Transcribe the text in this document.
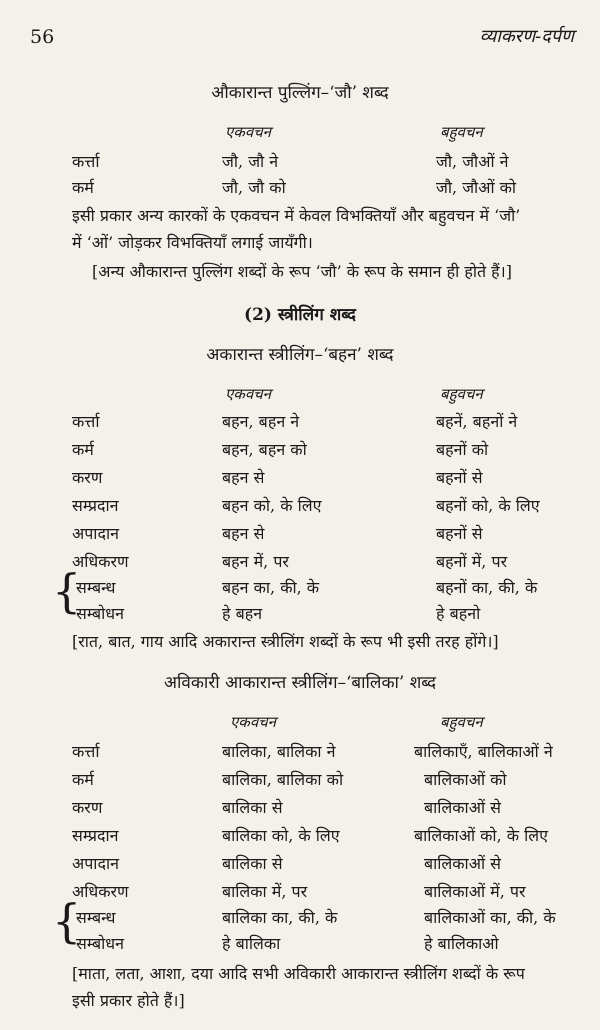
56	व्याकरण-दर्पण
औकारान्त पुल्लिंग–‘जौ’ शब्द
एकवचन	बहुवचन
कर्त्ता	जौ, जौ ने	जौ, जौओं ने
कर्म	जौ, जौ को	जौ, जौओं को
इसी प्रकार अन्य कारकों के एकवचन में केवल विभक्तियाँ और बहुवचन में ‘जौ’
में ‘ओं’ जोड़कर विभक्तियाँ लगाई जायँगी।
[अन्य औकारान्त पुल्लिंग शब्दों के रूप ‘जौ’ के रूप के समान ही होते हैं।]
(2) स्त्रीलिंग शब्द
अकारान्त स्त्रीलिंग–‘बहन’ शब्द
एकवचन	बहुवचन
कर्त्ता	बहन, बहन ने	बहनें, बहनों ने
कर्म	बहन, बहन को	बहनों को
करण	बहन से	बहनों से
सम्प्रदान	बहन को, के लिए	बहनों को, के लिए
अपादान	बहन से	बहनों से
अधिकरण	बहन में, पर	बहनों में, पर
{
सम्बन्ध	बहन का, की, के	बहनों का, की, के
सम्बोधन	हे बहन	हे बहनो
[रात, बात, गाय आदि अकारान्त स्त्रीलिंग शब्दों के रूप भी इसी तरह होंगे।]
अविकारी आकारान्त स्त्रीलिंग–‘बालिका’ शब्द
एकवचन	बहुवचन
कर्त्ता	बालिका, बालिका ने	बालिकाएँ, बालिकाओं ने
कर्म	बालिका, बालिका को	बालिकाओं को
करण	बालिका से	बालिकाओं से
सम्प्रदान	बालिका को, के लिए	बालिकाओं को, के लिए
अपादान	बालिका से	बालिकाओं से
अधिकरण	बालिका में, पर	बालिकाओं में, पर
{
सम्बन्ध	बालिका का, की, के	बालिकाओं का, की, के
सम्बोधन	हे बालिका	हे बालिकाओ
[माता, लता, आशा, दया आदि सभी अविकारी आकारान्त स्त्रीलिंग शब्दों के रूप
इसी प्रकार होते हैं।]
